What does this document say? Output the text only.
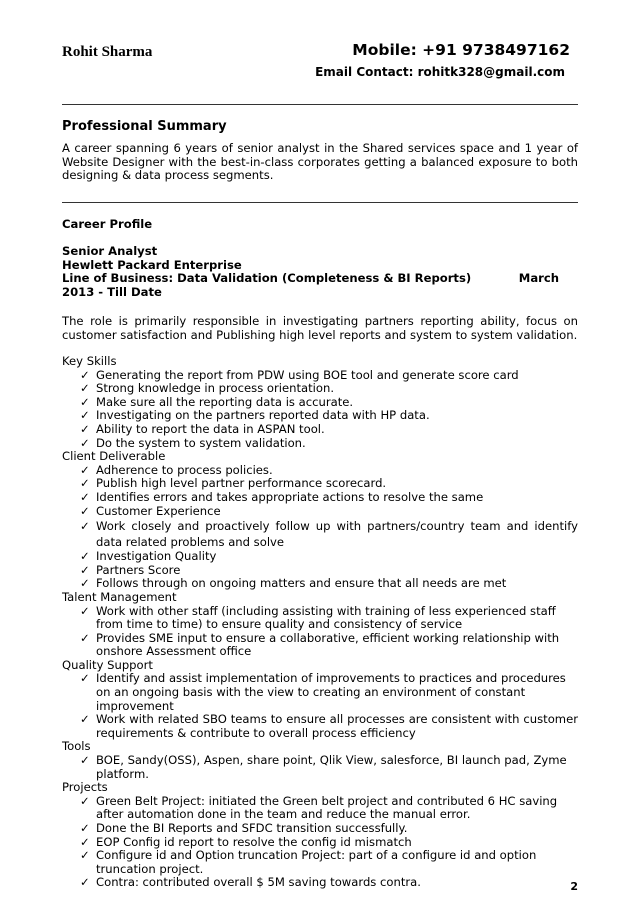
Rohit Sharma	Mobile: +91 9738497162
Email Contact: rohitk328@gmail.com
Professional Summary
A career spanning 6 years of senior analyst in the Shared services space and 1 year of Website Designer with the best-in-class corporates getting a balanced exposure to both designing & data process segments.
Career Profile
Senior Analyst
Hewlett Packard Enterprise
Line of Business: Data Validation (Completeness & BI Reports)	March
2013 - Till Date
The role is primarily responsible in investigating partners reporting ability, focus on customer satisfaction and Publishing high level reports and system to system validation.
Key Skills
✓ Generating the report from PDW using BOE tool and generate score card
✓ Strong knowledge in process orientation.
✓ Make sure all the reporting data is accurate.
✓ Investigating on the partners reported data with HP data.
✓ Ability to report the data in ASPAN tool.
✓ Do the system to system validation.
Client Deliverable
✓ Adherence to process policies.
✓ Publish high level partner performance scorecard.
✓ Identifies errors and takes appropriate actions to resolve the same
✓ Customer Experience
✓ Work closely and proactively follow up with partners/country team and identify data related problems and solve
✓ Investigation Quality
✓ Partners Score
✓ Follows through on ongoing matters and ensure that all needs are met
Talent Management
✓ Work with other staff (including assisting with training of less experienced staff from time to time) to ensure quality and consistency of service
✓ Provides SME input to ensure a collaborative, efficient working relationship with onshore Assessment office
Quality Support
✓ Identify and assist implementation of improvements to practices and procedures on an ongoing basis with the view to creating an environment of constant improvement
✓ Work with related SBO teams to ensure all processes are consistent with customer requirements & contribute to overall process efficiency
Tools
✓ BOE, Sandy(OSS), Aspen, share point, Qlik View, salesforce, BI launch pad, Zyme platform.
Projects
✓ Green Belt Project: initiated the Green belt project and contributed 6 HC saving after automation done in the team and reduce the manual error.
✓ Done the BI Reports and SFDC transition successfully.
✓ EOP Config id report to resolve the config id mismatch
✓ Configure id and Option truncation Project: part of a configure id and option truncation project.
✓ Contra: contributed overall $ 5M saving towards contra.	2
